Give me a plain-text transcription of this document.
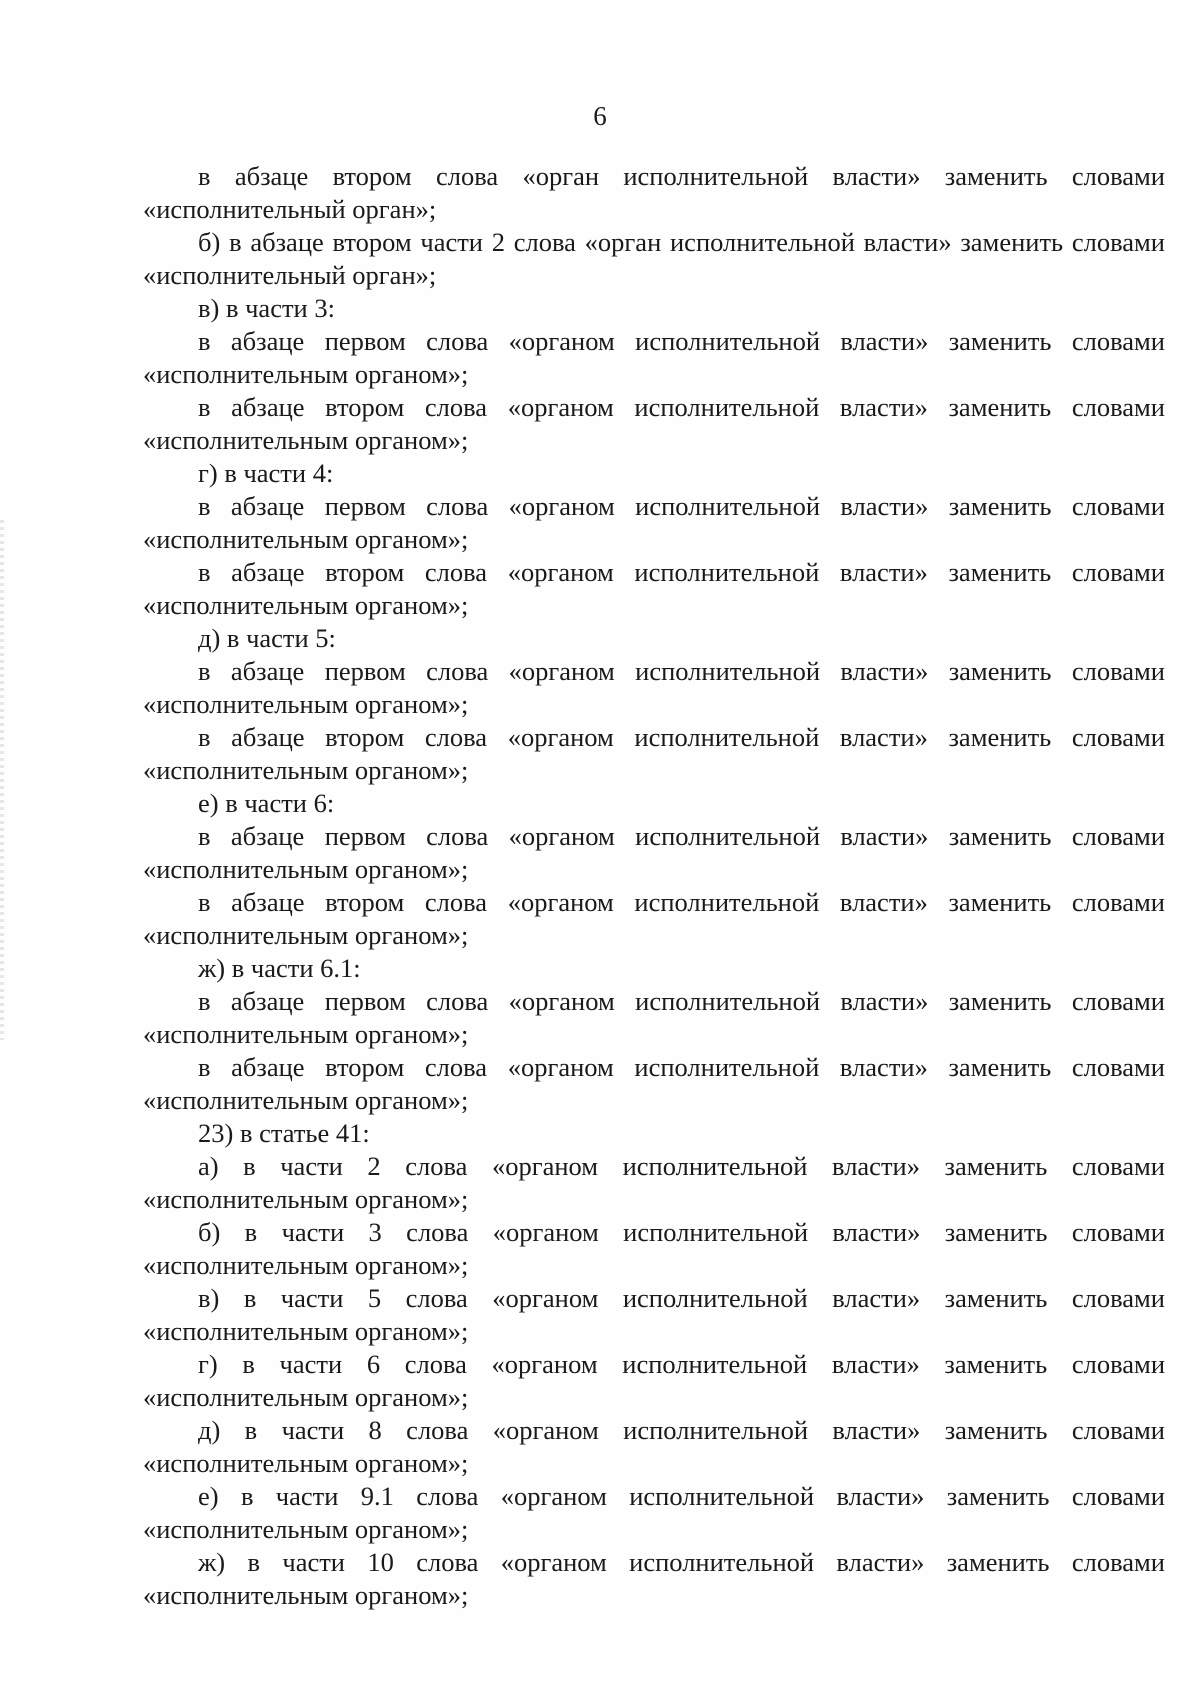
6

в абзаце втором слова «орган исполнительной власти» заменить словами «исполнительный орган»;

б) в абзаце втором части 2 слова «орган исполнительной власти» заменить словами «исполнительный орган»;

в) в части 3:

в абзаце первом слова «органом исполнительной власти» заменить словами «исполнительным органом»;

в абзаце втором слова «органом исполнительной власти» заменить словами «исполнительным органом»;

г) в части 4:

в абзаце первом слова «органом исполнительной власти» заменить словами «исполнительным органом»;

в абзаце втором слова «органом исполнительной власти» заменить словами «исполнительным органом»;

д) в части 5:

в абзаце первом слова «органом исполнительной власти» заменить словами «исполнительным органом»;

в абзаце втором слова «органом исполнительной власти» заменить словами «исполнительным органом»;

е) в части 6:

в абзаце первом слова «органом исполнительной власти» заменить словами «исполнительным органом»;

в абзаце втором слова «органом исполнительной власти» заменить словами «исполнительным органом»;

ж) в части 6.1:

в абзаце первом слова «органом исполнительной власти» заменить словами «исполнительным органом»;

в абзаце втором слова «органом исполнительной власти» заменить словами «исполнительным органом»;

23) в статье 41:

а) в части 2 слова «органом исполнительной власти» заменить словами «исполнительным органом»;

б) в части 3 слова «органом исполнительной власти» заменить словами «исполнительным органом»;

в) в части 5 слова «органом исполнительной власти» заменить словами «исполнительным органом»;

г) в части 6 слова «органом исполнительной власти» заменить словами «исполнительным органом»;

д) в части 8 слова «органом исполнительной власти» заменить словами «исполнительным органом»;

е) в части 9.1 слова «органом исполнительной власти» заменить словами «исполнительным органом»;

ж) в части 10 слова «органом исполнительной власти» заменить словами «исполнительным органом»;
